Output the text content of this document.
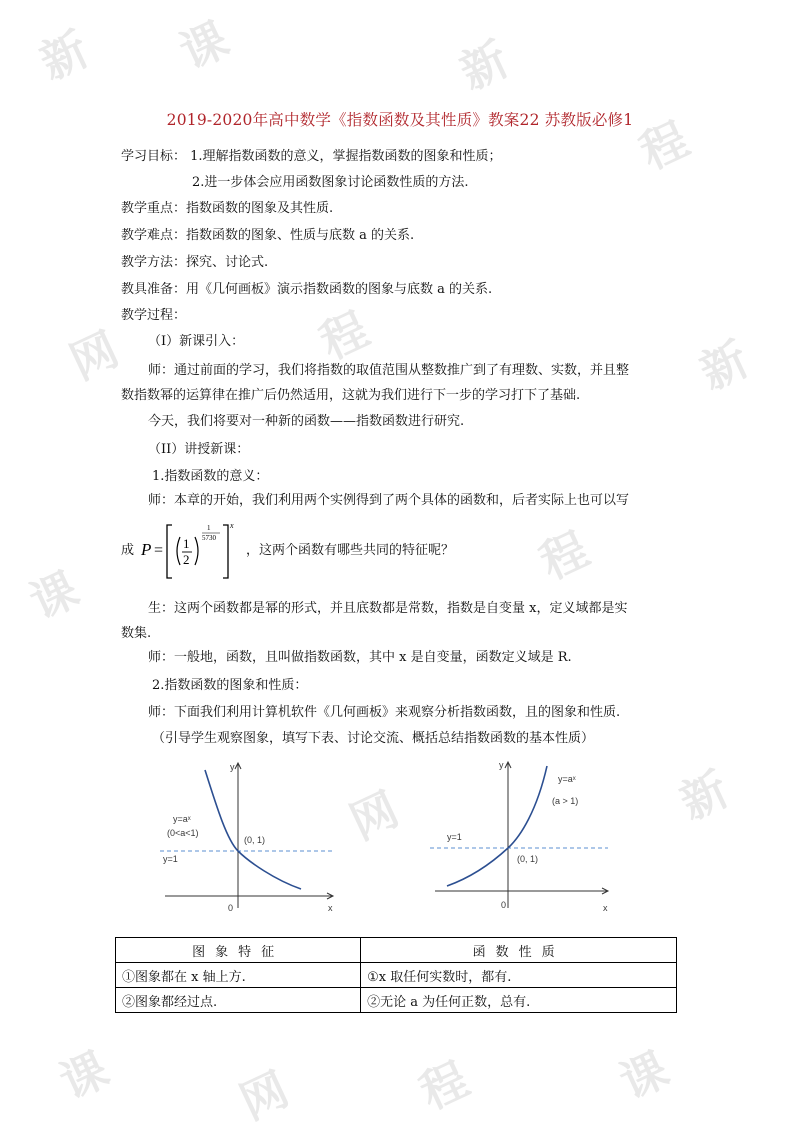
新 课
程
新
网	程	新
课
程
网	新
课	网	程	课
2019-2020年高中数学《指数函数及其性质》教案22 苏教版必修1
学习目标： 1.理解指数函数的意义，掌握指数函数的图象和性质；
2.进一步体会应用函数图象讨论函数性质的方法.
教学重点：指数函数的图象及其性质.
教学难点：指数函数的图象、性质与底数 a 的关系.
教学方法：探究、讨论式.
教具准备：用《几何画板》演示指数函数的图象与底数 a 的关系.
教学过程：
（I）新课引入：
师：通过前面的学习，我们将指数的取值范围从整数推广到了有理数、实数，并且整
数指数幂的运算律在推广后仍然适用，这就为我们进行下一步的学习打下了基础.
今天，我们将要对一种新的函数——指数函数进行研究.
（II）讲授新课：
1.指数函数的意义：
师：本章的开始，我们利用两个实例得到了两个具体的函数和，后者实际上也可以写
成 P = 1
2
1
5730
x
，这两个函数有哪些共同的特征呢？
生：这两个函数都是幂的形式，并且底数都是常数，指数是自变量 x，定义域都是实
数集.
师：一般地，函数，且叫做指数函数，其中 x 是自变量，函数定义域是 R.
2.指数函数的图象和性质：
师：下面我们利用计算机软件《几何画板》来观察分析指数函数，且的图象和性质.
（引导学生观察图象，填写下表、讨论交流、概括总结指数函数的基本性质）
y
x
0
y=aˣ
(0<a<1)
(0, 1)
y=1
y
x
0
y=aˣ
(a > 1)
(0, 1)
y=1
图象特征	函数性质
①图象都在 x 轴上方.	①x 取任何实数时，都有.
②图象都经过点.	②无论 a 为任何正数，总有.
